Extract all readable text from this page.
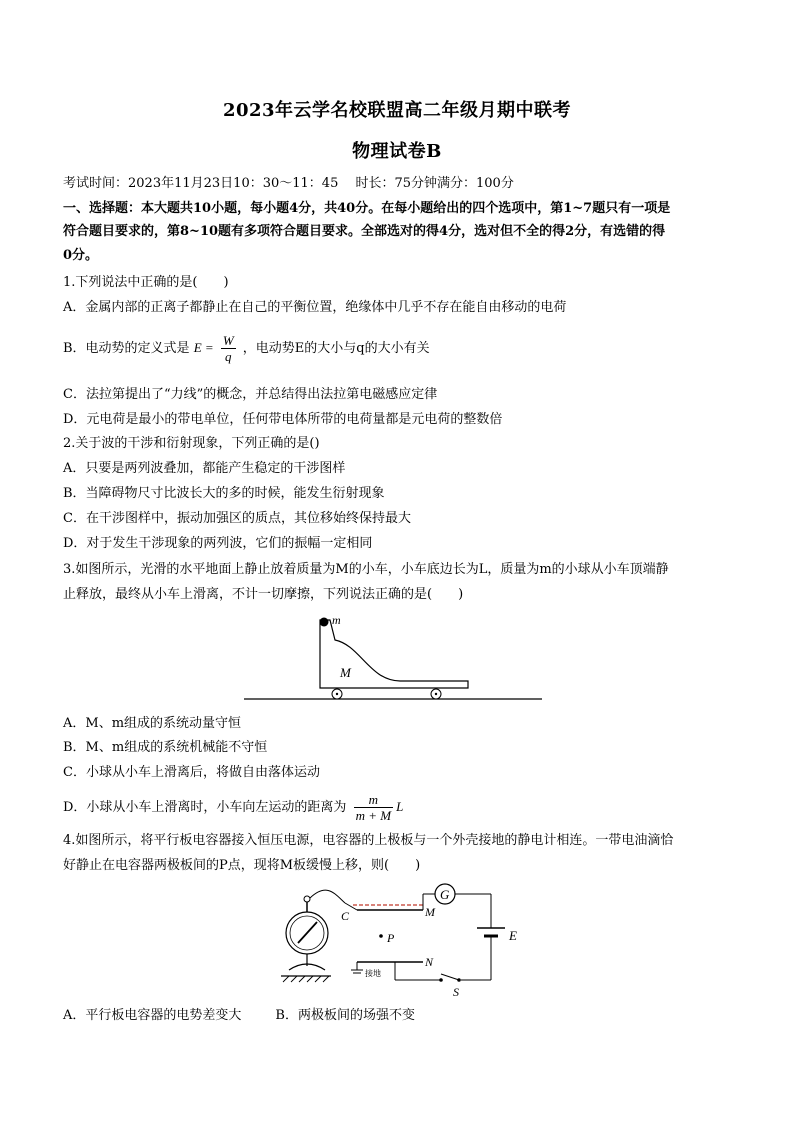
2023年云学名校联盟高二年级月期中联考
物理试卷B
考试时间：2023年11月23日10：30～11：45　 时长：75分钟满分：100分
一、选择题：本大题共10小题，每小题4分，共40分。在每小题给出的四个选项中，第1~7题只有一项是
符合题目要求的，第8~10题有多项符合题目要求。全部选对的得4分，选对但不全的得2分，有选错的得
0分。
1.下列说法中正确的是(　　)
A．金属内部的正离子都静止在自己的平衡位置，绝缘体中几乎不存在能自由移动的电荷
B．电动势的定义式是 $E = \frac{W}{q}$ ，电动势E的大小与q的大小有关
C．法拉第提出了“力线”的概念，并总结得出法拉第电磁感应定律
D．元电荷是最小的带电单位，任何带电体所带的电荷量都是元电荷的整数倍
2.关于波的干涉和衍射现象，下列正确的是()
A．只要是两列波叠加，都能产生稳定的干涉图样
B．当障碍物尺寸比波长大的多的时候，能发生衍射现象
C．在干涉图样中，振动加强区的质点，其位移始终保持最大
D．对于发生干涉现象的两列波，它们的振幅一定相同
3.如图所示，光滑的水平地面上静止放着质量为M的小车，小车底边长为L，质量为m的小球从小车顶端静
止释放，最终从小车上滑离，不计一切摩擦，下列说法正确的是(　　)
m
M
A．M、m组成的系统动量守恒
B．M、m组成的系统机械能不守恒
C．小球从小车上滑离后，将做自由落体运动
D．小球从小车上滑离时，小车向左运动的距离为 $\frac{m}{m + M}$ L
4.如图所示，将平行板电容器接入恒压电源，电容器的上极板与一个外壳接地的静电计相连。一带电油滴恰
好静止在电容器两极板间的P点，现将M板缓慢上移，则(　　)
G
E
S
接地
C	M
P
N
A．平行板电容器的电势差变大	B．两极板间的场强不变
